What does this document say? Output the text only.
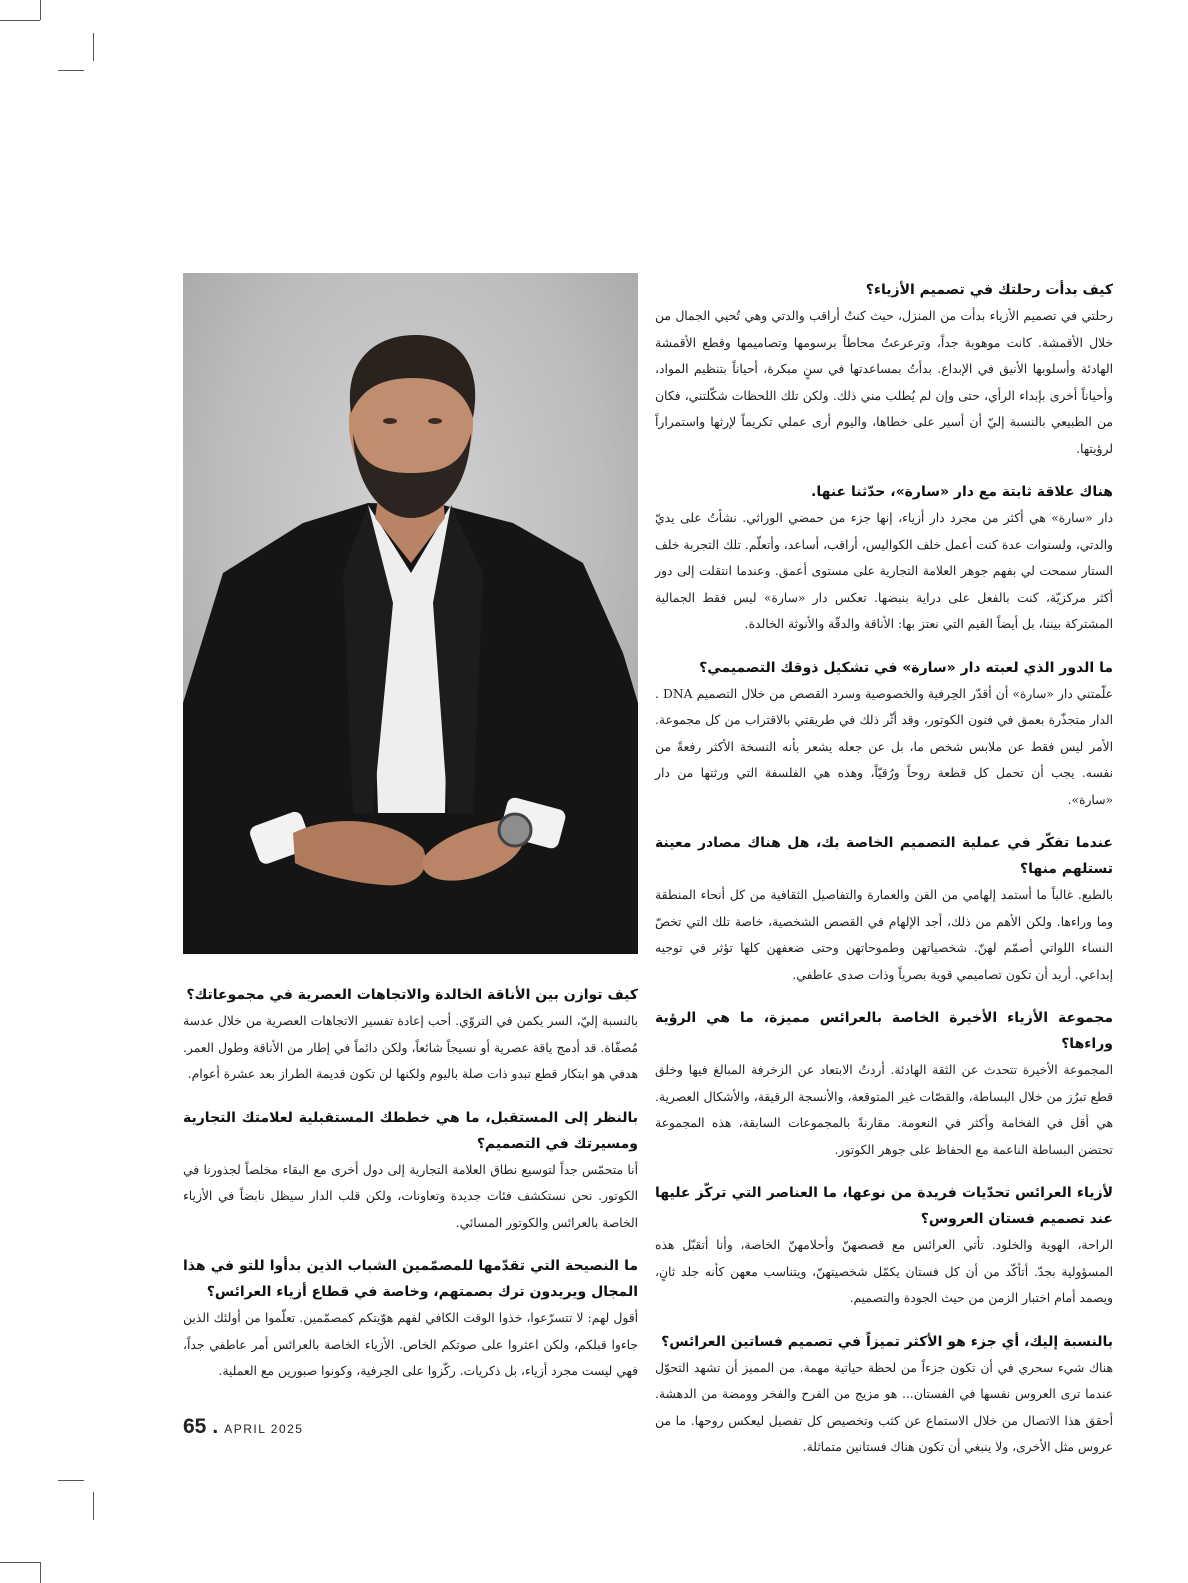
كيف بدأت رحلتك في تصميم الأزياء؟

رحلتي في تصميم الأزياء بدأت من المنزل، حيث كنتُ أراقب والدتي وهي تُحيي الجمال من خلال الأقمشة. كانت موهوبة جداً، وترعرعتُ محاطاً برسومها وتصاميمها وقطع الأقمشة الهادئة وأسلوبها الأنيق في الإبداع. بدأتُ بمساعدتها في سنٍ مبكرة، أحياناً بتنظيم المواد، وأحياناً أخرى بإبداء الرأي، حتى وإن لم يُطلب مني ذلك. ولكن تلك اللحظات شكّلتني، فكان من الطبيعي بالنسبة إليّ أن أسير على خطاها، واليوم أرى عملي تكريماً لإرثها واستمراراً لرؤيتها.

هناك علاقة ثابتة مع دار «سارة»، حدّثنا عنها.

دار «سارة» هي أكثر من مجرد دار أزياء، إنها جزء من حمضي الوراثي. نشأتُ على يديّ والدتي، ولسنوات عدة كنت أعمل خلف الكواليس، أراقب، أساعد، وأتعلّم. تلك التجربة خلف الستار سمحت لي بفهم جوهر العلامة التجارية على مستوى أعمق. وعندما انتقلت إلى دور أكثر مركزيّة، كنت بالفعل على دراية بنبضها. تعكس دار «سارة» ليس فقط الجمالية المشتركة بيننا، بل أيضاً القيم التي نعتز بها: الأناقة والدقّة والأنوثة الخالدة.

ما الدور الذي لعبته دار «سارة» في تشكيل ذوقك التصميمي؟

علّمتني دار «سارة» أن أقدّر الحِرفية والخصوصية وسرد القصص من خلال التصميم DNA . الدار متجذّرة بعمق في فنون الكوتور، وقد أثّر ذلك في طريقتي بالاقتراب من كل مجموعة. الأمر ليس فقط عن ملابس شخص ما، بل عن جعله يشعر بأنه النسخة الأكثر رفعةً من نفسه. يجب أن تحمل كل قطعة روحاً ورُقيّاً، وهذه هي الفلسفة التي ورثتها من دار «سارة».

عندما تفكّر في عملية التصميم الخاصة بك، هل هناك مصادر معينة تستلهم منها؟

بالطبع. غالباً ما أستمد إلهامي من الفن والعمارة والتفاصيل الثقافية من كل أنحاء المنطقة وما وراءها. ولكن الأهم من ذلك، أجد الإلهام في القصص الشخصية، خاصة تلك التي تخصّ النساء اللواتي أصمّم لهنّ. شخصياتهن وطموحاتهن وحتى ضعفهن كلها تؤثر في توجيه إبداعي. أريد أن تكون تصاميمي قوية بصرياً وذات صدى عاطفي.

مجموعة الأزياء الأخيرة الخاصة بالعرائس مميزة، ما هي الرؤية وراءها؟

المجموعة الأخيرة تتحدث عن الثقة الهادئة. أردتُ الابتعاد عن الزخرفة المبالغ فيها وخلق قطع تبرُز من خلال البساطة، والقصّات غير المتوقعة، والأنسجة الرقيقة، والأشكال العصرية. هي أقل في الفخامة وأكثر في النعومة. مقارنةً بالمجموعات السابقة، هذه المجموعة تحتضن البساطة الناعمة مع الحفاظ على جوهر الكوتور.

لأزياء العرائس تحدّيات فريدة من نوعها، ما العناصر التي تركّز عليها عند تصميم فستان العروس؟

الراحة، الهوية والخلود. تأتي العرائس مع قصصهنّ وأحلامهنّ الخاصة، وأنا أتقبّل هذه المسؤولية بجدّ. أتأكّد من أن كل فستان يكمّل شخصيتهنّ، ويتناسب معهن كأنه جلد ثانٍ، ويصمد أمام اختبار الزمن من حيث الجودة والتصميم.

بالنسبة إليك، أي جزء هو الأكثر تميزاً في تصميم فساتين العرائس؟

هناك شيء سحري في أن تكون جزءاً من لحظة حياتية مهمة. من المميز أن تشهد التحوّل عندما ترى العروس نفسها في الفستان... هو مزيج من الفرح والفخر وومضة من الدهشة. أحقق هذا الاتصال من خلال الاستماع عن كثب وتخصيص كل تفصيل ليعكس روحها. ما من عروس مثل الأخرى، ولا ينبغي أن تكون هناك فستانين متماثلة.

كيف توازن بين الأناقة الخالدة والاتجاهات العصرية في مجموعاتك؟

بالنسبة إليّ، السر يكمن في التروّي. أحب إعادة تفسير الاتجاهات العصرية من خلال عدسة مُصفّاة. قد أدمج ياقة عصرية أو نسيجاً شائعاً، ولكن دائماً في إطار من الأناقة وطول العمر. هدفي هو ابتكار قطع تبدو ذات صلة باليوم ولكنها لن تكون قديمة الطراز بعد عشرة أعوام.

بالنظر إلى المستقبل، ما هي خططك المستقبلية لعلامتك التجارية ومسيرتك في التصميم؟

أنا متحمّس جداً لتوسيع نطاق العلامة التجارية إلى دول أخرى مع البقاء مخلصاً لجذورنا في الكوتور. نحن نستكشف فئات جديدة وتعاونات، ولكن قلب الدار سيظل نابضاً في الأزياء الخاصة بالعرائس والكوتور المسائي.

ما النصيحة التي تقدّمها للمصمّمين الشباب الذين بدأوا للتو في هذا المجال ويريدون ترك بصمتهم، وخاصة في قطاع أزياء العرائس؟

أقول لهم: لا تتسرّعوا، خذوا الوقت الكافي لفهم هوّيتكم كمصمّمين. تعلّموا من أولئك الذين جاءوا قبلكم، ولكن اعثروا على صوتكم الخاص. الأزياء الخاصة بالعرائس أمر عاطفي جداً، فهي ليست مجرد أزياء، بل ذكريات. ركّزوا على الحِرفية، وكونوا صبورين مع العملية.

65 . APRIL 2025
